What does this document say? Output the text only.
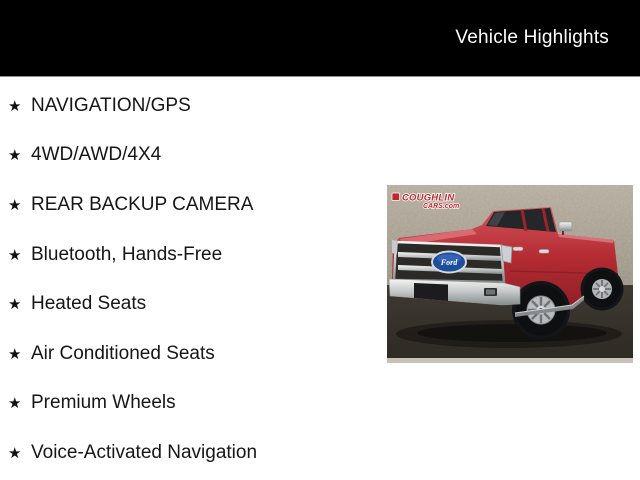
Vehicle Highlights
★ NAVIGATION/GPS
★ 4WD/AWD/4X4
★ REAR BACKUP CAMERA
★ Bluetooth, Hands-Free
★ Heated Seats
★ Air Conditioned Seats
★ Premium Wheels
★ Voice-Activated Navigation
Ford
COUGHLIN
CARS.com
